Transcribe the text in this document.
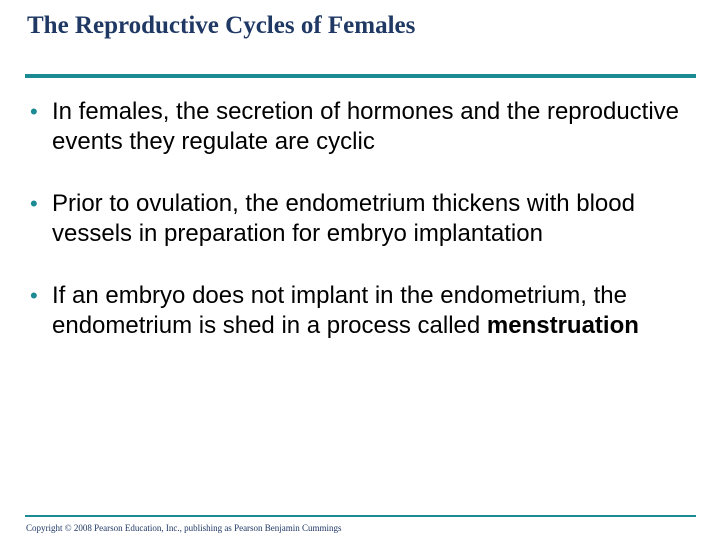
The Reproductive Cycles of Females
• In females, the secretion of hormones and the reproductive events they regulate are cyclic
• Prior to ovulation, the endometrium thickens with blood vessels in preparation for embryo implantation
• If an embryo does not implant in the endometrium, the endometrium is shed in a process called menstruation

Copyright © 2008 Pearson Education, Inc., publishing as Pearson Benjamin Cummings
